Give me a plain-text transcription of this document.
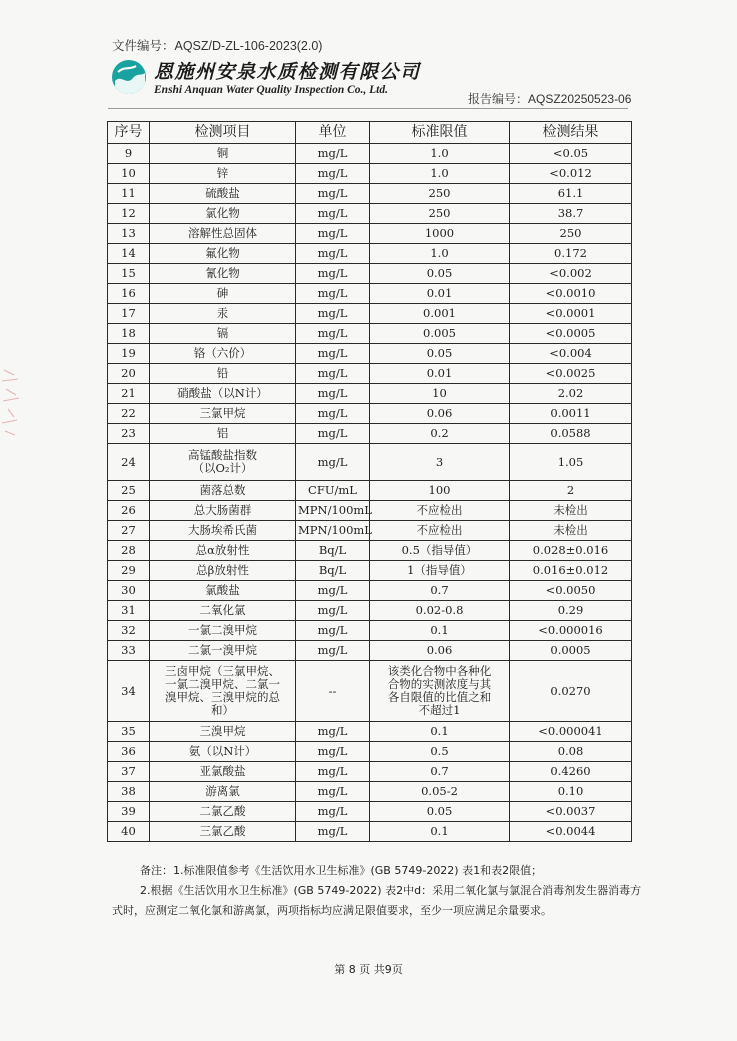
文件编号：AQSZ/D-ZL-106-2023(2.0)
恩施州安泉水质检测有限公司
Enshi Anquan Water Quality Inspection Co., Ltd.
报告编号：AQSZ20250523-06
序号	检测项目	单位	标准限值	检测结果
9	铜	mg/L	1.0	<0.05
10	锌	mg/L	1.0	<0.012
11	硫酸盐	mg/L	250	61.1
12	氯化物	mg/L	250	38.7
13	溶解性总固体	mg/L	1000	250
14	氟化物	mg/L	1.0	0.172
15	氰化物	mg/L	0.05	<0.002
16	砷	mg/L	0.01	<0.0010
17	汞	mg/L	0.001	<0.0001
18	镉	mg/L	0.005	<0.0005
19	铬（六价）	mg/L	0.05	<0.004
20	铅	mg/L	0.01	<0.0025
21	硝酸盐（以N计）	mg/L	10	2.02
22	三氯甲烷	mg/L	0.06	0.0011
23	铝	mg/L	0.2	0.0588
24	高锰酸盐指数
（以O₂计）	mg/L	3	1.05
25	菌落总数	CFU/mL	100	2
26	总大肠菌群	MPN/100mL	不应检出	未检出
27	大肠埃希氏菌	MPN/100mL	不应检出	未检出
28	总α放射性	Bq/L	0.5（指导值）	0.028±0.016
29	总β放射性	Bq/L	1（指导值）	0.016±0.012
30	氯酸盐	mg/L	0.7	<0.0050
31	二氧化氯	mg/L	0.02-0.8	0.29
32	一氯二溴甲烷	mg/L	0.1	<0.000016
33	二氯一溴甲烷	mg/L	0.06	0.0005
34	三卤甲烷（三氯甲烷、
一氯二溴甲烷、二氯一
溴甲烷、三溴甲烷的总
和）	--	该类化合物中各种化
合物的实测浓度与其
各自限值的比值之和
不超过1	0.0270
35	三溴甲烷	mg/L	0.1	<0.000041
36	氨（以N计）	mg/L	0.5	0.08
37	亚氯酸盐	mg/L	0.7	0.4260
38	游离氯	mg/L	0.05-2	0.10
39	二氯乙酸	mg/L	0.05	<0.0037
40	三氯乙酸	mg/L	0.1	<0.0044

备注：1.标准限值参考《生活饮用水卫生标准》(GB 5749-2022) 表1和表2限值；

2.根据《生活饮用水卫生标准》(GB 5749-2022) 表2中d：采用二氧化氯与氯混合消毒剂发生器消毒方式时，应测定二氧化氯和游离氯，两项指标均应满足限值要求，至少一项应满足余量要求。

第 8 页 共9页
